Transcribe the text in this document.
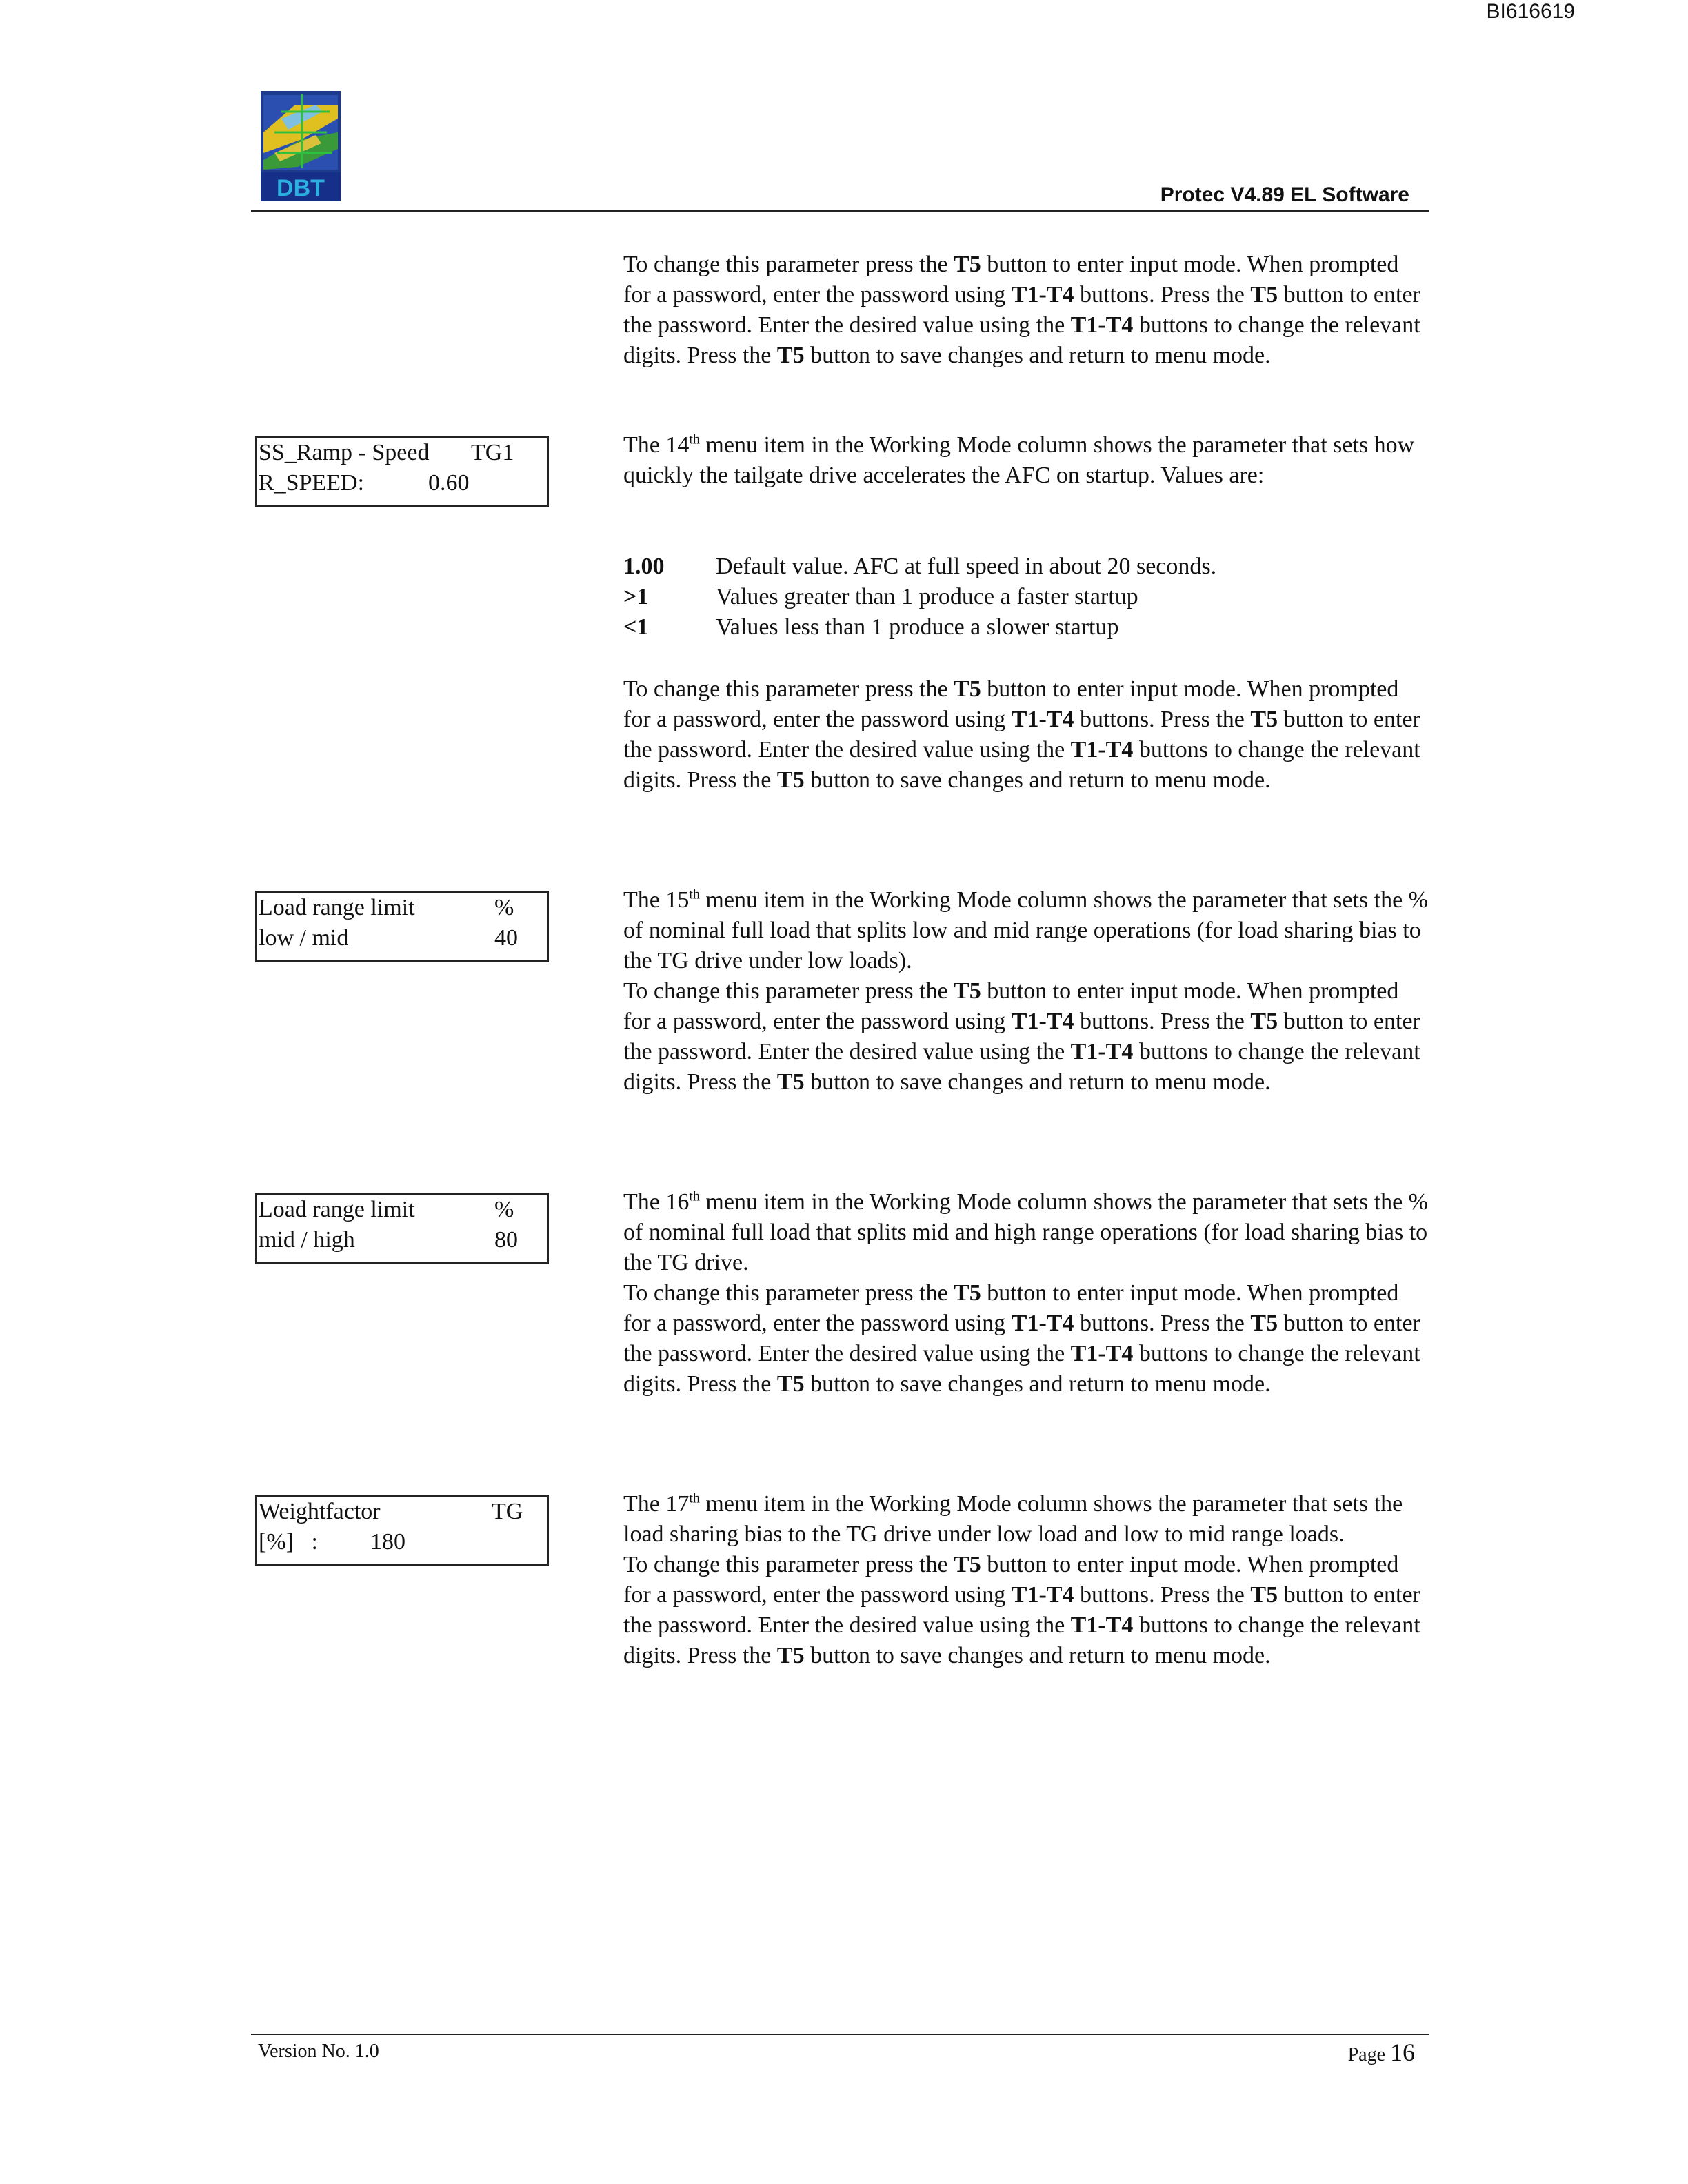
BI616619
DBT	Protec V4.89 EL Software

To change this parameter press the T5 button to enter input mode. When prompted for a password, enter the password using T1-T4 buttons. Press the T5 button to enter the password. Enter the desired value using the T1-T4 buttons to change the relevant digits. Press the T5 button to save changes and return to menu mode.

SS_Ramp - Speed TG1
R_SPEED:	0.60

The 14th menu item in the Working Mode column shows the parameter that sets how quickly the tailgate drive accelerates the AFC on startup. Values are:

1.00	Default value. AFC at full speed in about 20 seconds.
>1	Values greater than 1 produce a faster startup
<1	Values less than 1 produce a slower startup

To change this parameter press the T5 button to enter input mode. When prompted for a password, enter the password using T1-T4 buttons. Press the T5 button to enter the password. Enter the desired value using the T1-T4 buttons to change the relevant digits. Press the T5 button to save changes and return to menu mode.

Load range limit	%
low / mid	40

The 15th menu item in the Working Mode column shows the parameter that sets the % of nominal full load that splits low and mid range operations (for load sharing bias to the TG drive under low loads).

To change this parameter press the T5 button to enter input mode. When prompted for a password, enter the password using T1-T4 buttons. Press the T5 button to enter the password. Enter the desired value using the T1-T4 buttons to change the relevant digits. Press the T5 button to save changes and return to menu mode.

Load range limit	%
mid / high	80

The 16th menu item in the Working Mode column shows the parameter that sets the % of nominal full load that splits mid and high range operations (for load sharing bias to the TG drive.

To change this parameter press the T5 button to enter input mode. When prompted for a password, enter the password using T1-T4 buttons. Press the T5 button to enter the password. Enter the desired value using the T1-T4 buttons to change the relevant digits. Press the T5 button to save changes and return to menu mode.

Weightfactor	TG
[%]   : 180

The 17th menu item in the Working Mode column shows the parameter that sets the load sharing bias to the TG drive under low load and low to mid range loads.

To change this parameter press the T5 button to enter input mode. When prompted for a password, enter the password using T1-T4 buttons. Press the T5 button to enter the password. Enter the desired value using the T1-T4 buttons to change the relevant digits. Press the T5 button to save changes and return to menu mode.

Version No. 1.0	Page 16
